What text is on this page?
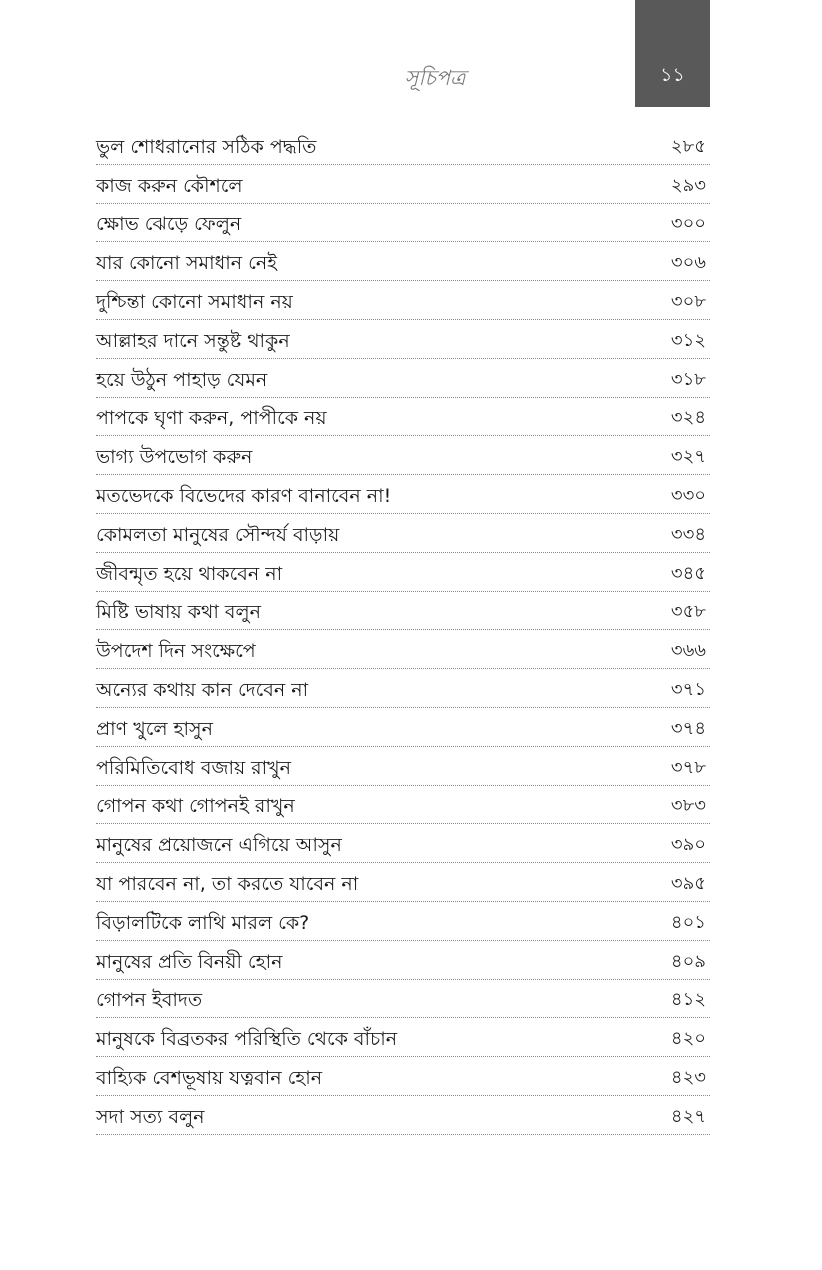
১১
সূচিপত্র
ভুল শোধরানোর সঠিক পদ্ধতি	২৮৫
কাজ করুন কৌশলে	২৯৩
ক্ষোভ ঝেড়ে ফেলুন	৩০০
যার কোনো সমাধান নেই	৩০৬
দুশ্চিন্তা কোনো সমাধান নয়	৩০৮
আল্লাহর দানে সন্তুষ্ট থাকুন	৩১২
হয়ে উঠুন পাহাড় যেমন	৩১৮
পাপকে ঘৃণা করুন, পাপীকে নয়	৩২৪
ভাগ্য উপভোগ করুন	৩২৭
মতভেদকে বিভেদের কারণ বানাবেন না!	৩৩০
কোমলতা মানুষের সৌন্দর্য বাড়ায়	৩৩৪
জীবন্মৃত হয়ে থাকবেন না	৩৪৫
মিষ্টি ভাষায় কথা বলুন	৩৫৮
উপদেশ দিন সংক্ষেপে	৩৬৬
অন্যের কথায় কান দেবেন না	৩৭১
প্রাণ খুলে হাসুন	৩৭৪
পরিমিতিবোধ বজায় রাখুন	৩৭৮
গোপন কথা গোপনই রাখুন	৩৮৩
মানুষের প্রয়োজনে এগিয়ে আসুন	৩৯০
যা পারবেন না, তা করতে যাবেন না	৩৯৫
বিড়ালটিকে লাথি মারল কে?	৪০১
মানুষের প্রতি বিনয়ী হোন	৪০৯
গোপন ইবাদত	৪১২
মানুষকে বিব্রতকর পরিস্থিতি থেকে বাঁচান	৪২০
বাহ্যিক বেশভূষায় যত্নবান হোন	৪২৩
সদা সত্য বলুন	৪২৭
